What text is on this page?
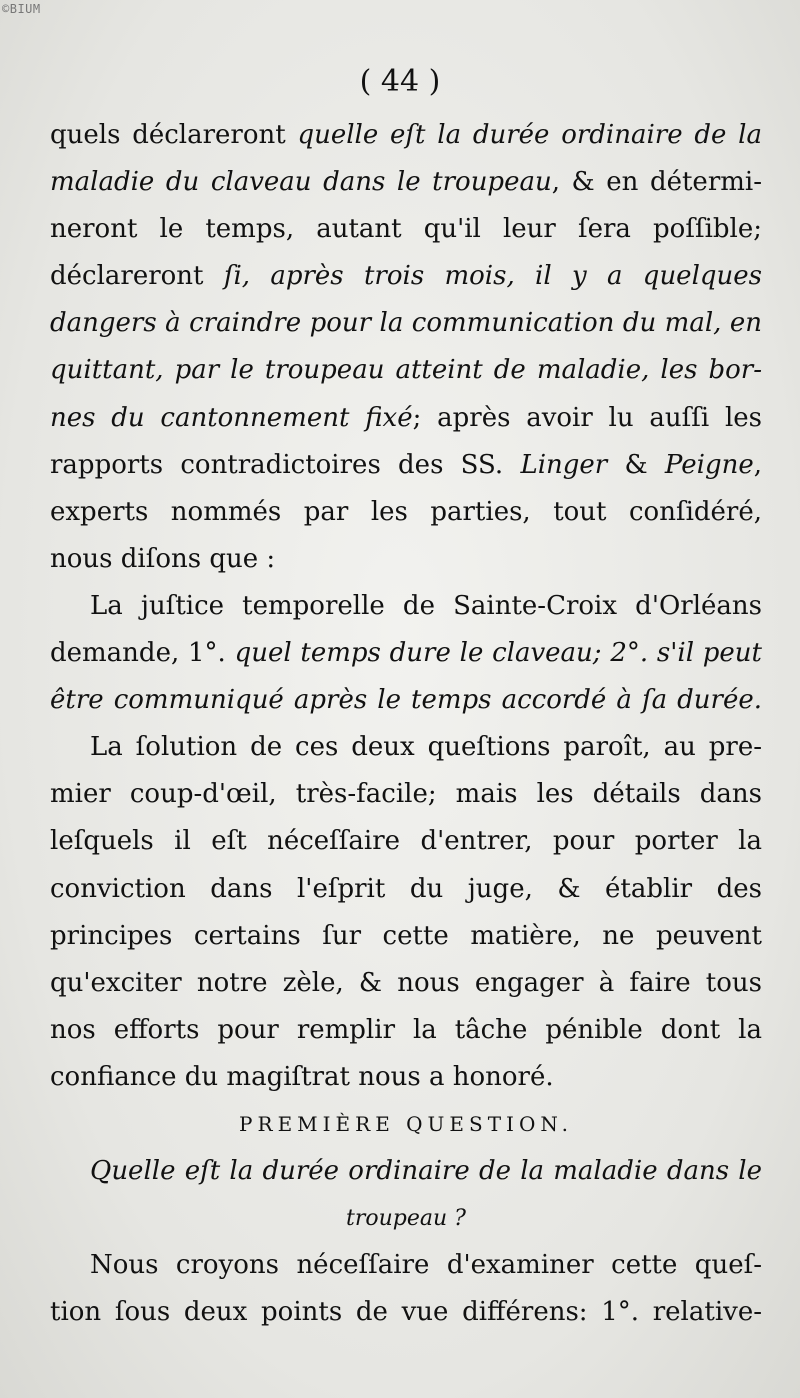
©BIUM
( 44 )
quels déclareront quelle eſt la durée ordinaire de la
maladie du claveau dans le troupeau, & en détermi-
neront le temps, autant qu'il leur ſera poſſible;
déclareront ſi, après trois mois, il y a quelques
dangers à craindre pour la communication du mal, en
quittant, par le troupeau atteint de maladie, les bor-
nes du cantonnement fixé; après avoir lu auſſi les
rapports contradictoires des SS. Linger & Peigne,
experts nommés par les parties, tout conſidéré,
nous diſons que :
La juſtice temporelle de Sainte-Croix d'Orléans
demande, 1°. quel temps dure le claveau; 2°. s'il peut
être communiqué après le temps accordé à ſa durée.
La ſolution de ces deux queſtions paroît, au pre-
mier coup-d'œil, très-facile; mais les détails dans
leſquels il eſt néceſſaire d'entrer, pour porter la
conviction dans l'eſprit du juge, & établir des
principes certains ſur cette matière, ne peuvent
qu'exciter notre zèle, & nous engager à faire tous
nos efforts pour remplir la tâche pénible dont la
confiance du magiſtrat nous a honoré.
PREMIÈRE QUESTION.
Quelle eſt la durée ordinaire de la maladie dans le
troupeau ?
Nous croyons néceſſaire d'examiner cette queſ-
tion ſous deux points de vue différens: 1°. relative-
